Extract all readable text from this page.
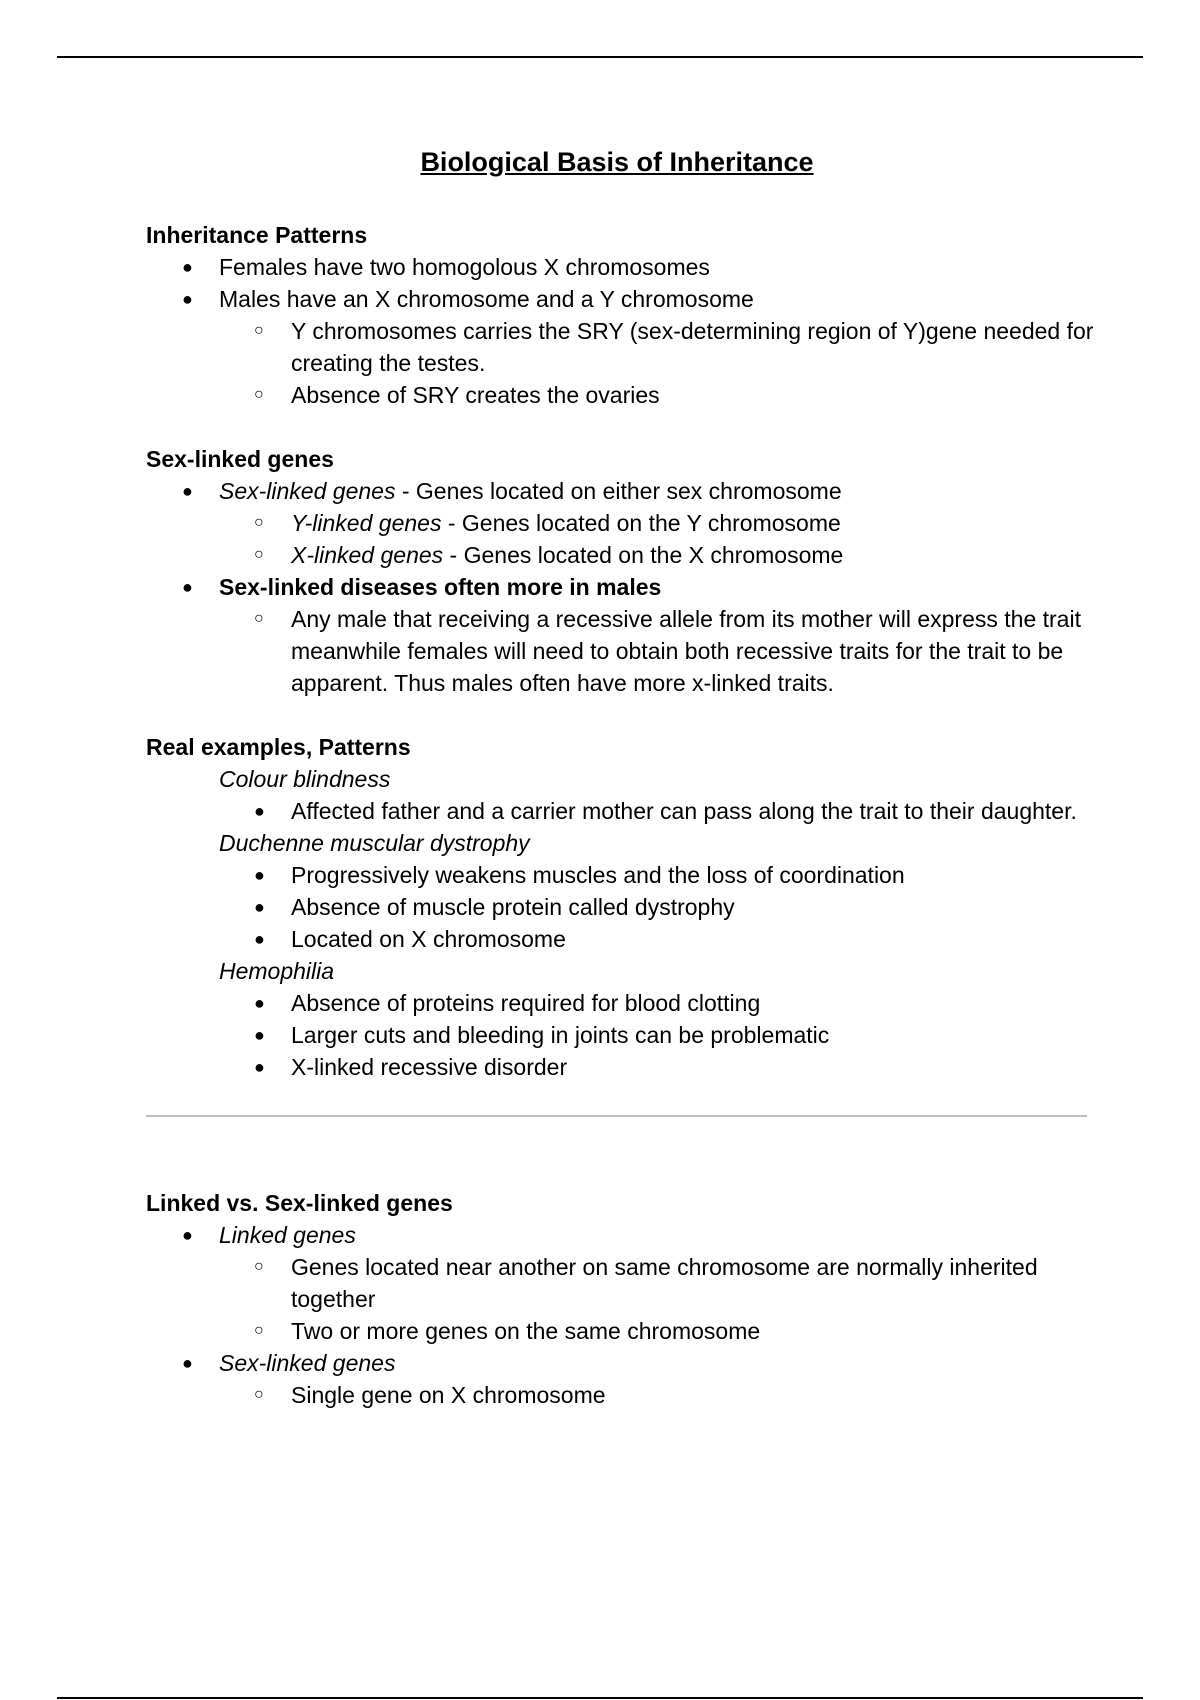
Biological Basis of Inheritance
Inheritance Patterns
● Females have two homogolous X chromosomes
● Males have an X chromosome and a Y chromosome
○ Y chromosomes carries the SRY (sex-determining region of Y)gene needed for creating the testes.
○ Absence of SRY creates the ovaries
Sex-linked genes
● Sex-linked genes - Genes located on either sex chromosome
○ Y-linked genes - Genes located on the Y chromosome
○ X-linked genes - Genes located on the X chromosome
● Sex-linked diseases often more in males
○ Any male that receiving a recessive allele from its mother will express the trait meanwhile females will need to obtain both recessive traits for the trait to be apparent. Thus males often have more x-linked traits.
Real examples, Patterns
Colour blindness
● Affected father and a carrier mother can pass along the trait to their daughter.
Duchenne muscular dystrophy
● Progressively weakens muscles and the loss of coordination
● Absence of muscle protein called dystrophy
● Located on X chromosome
Hemophilia
● Absence of proteins required for blood clotting
● Larger cuts and bleeding in joints can be problematic
● X-linked recessive disorder
Linked vs. Sex-linked genes
● Linked genes
○ Genes located near another on same chromosome are normally inherited together
○ Two or more genes on the same chromosome
● Sex-linked genes
○ Single gene on X chromosome
